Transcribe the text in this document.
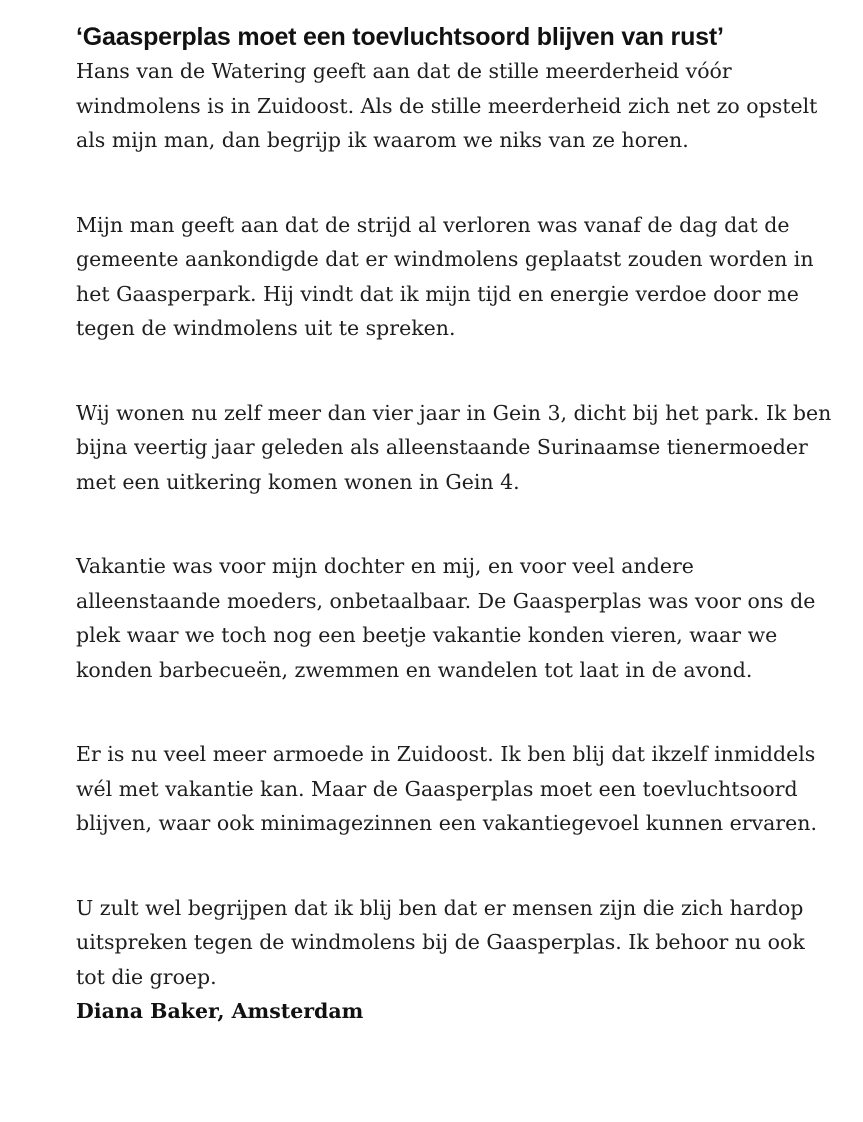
‘Gaasperplas moet een toevluchtsoord blijven van rust’

Hans van de Watering geeft aan dat de stille meerderheid vóór windmolens is in Zuidoost. Als de stille meerderheid zich net zo opstelt als mijn man, dan begrijp ik waarom we niks van ze horen.

Mijn man geeft aan dat de strijd al verloren was vanaf de dag dat de gemeente aankondigde dat er windmolens geplaatst zouden worden in het Gaasperpark. Hij vindt dat ik mijn tijd en energie verdoe door me tegen de windmolens uit te spreken.

Wij wonen nu zelf meer dan vier jaar in Gein 3, dicht bij het park. Ik ben bijna veertig jaar geleden als alleenstaande Surinaamse tienermoeder met een uitkering komen wonen in Gein 4.

Vakantie was voor mijn dochter en mij, en voor veel andere alleenstaande moeders, onbetaalbaar. De Gaasperplas was voor ons de plek waar we toch nog een beetje vakantie konden vieren, waar we konden barbecueën, zwemmen en wandelen tot laat in de avond.

Er is nu veel meer armoede in Zuidoost. Ik ben blij dat ikzelf inmiddels wél met vakantie kan. Maar de Gaasperplas moet een toevluchtsoord blijven, waar ook minimagezinnen een vakantiegevoel kunnen ervaren.

U zult wel begrijpen dat ik blij ben dat er mensen zijn die zich hardop uitspreken tegen de windmolens bij de Gaasperplas. Ik behoor nu ook tot die groep.

Diana Baker, Amsterdam
